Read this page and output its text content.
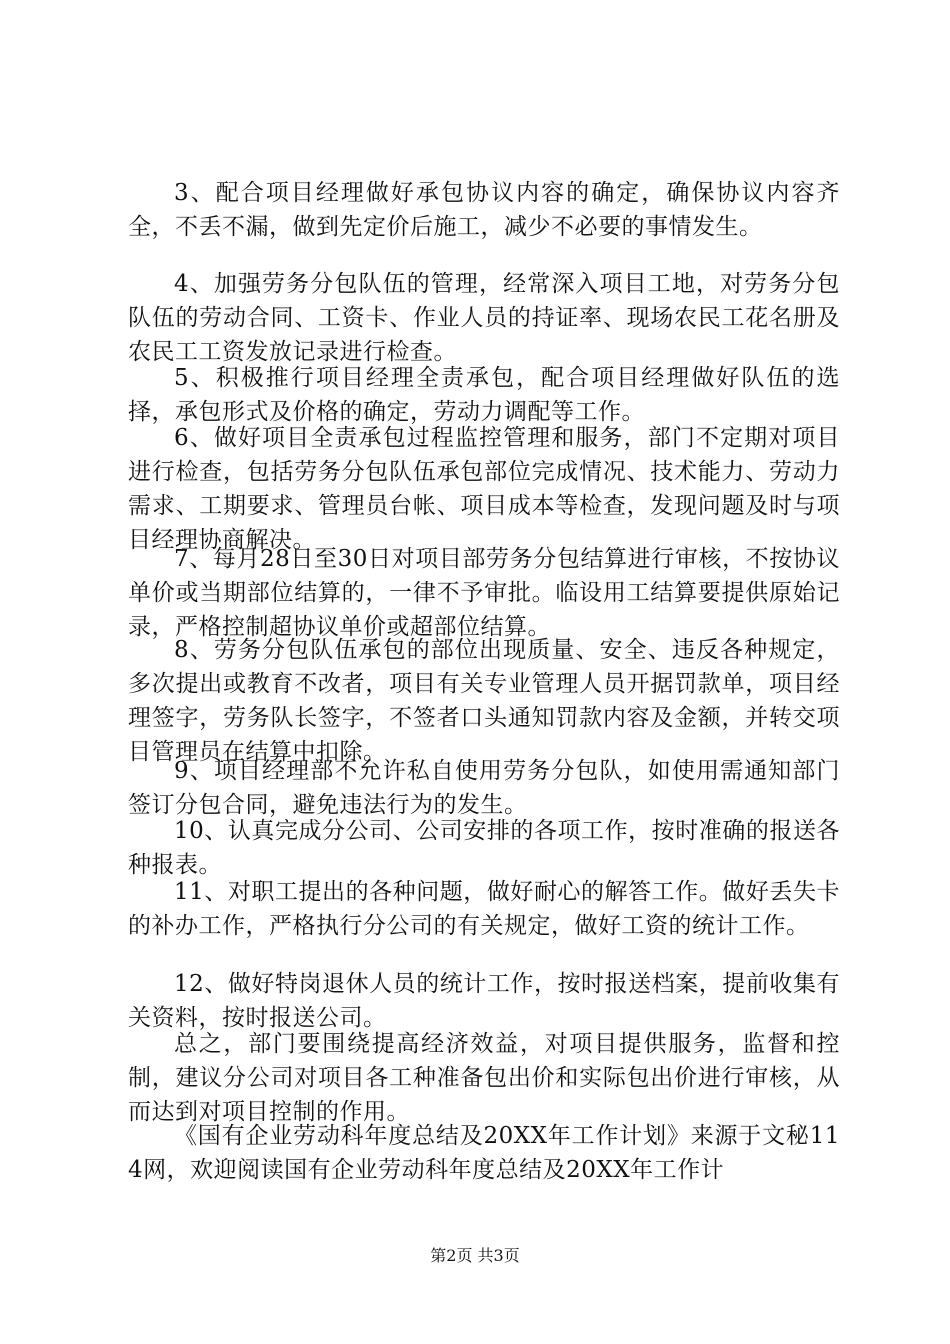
3、配合项目经理做好承包协议内容的确定，确保协议内容齐全，不丢不漏，做到先定价后施工，减少不必要的事情发生。

4、加强劳务分包队伍的管理，经常深入项目工地，对劳务分包队伍的劳动合同、工资卡、作业人员的持证率、现场农民工花名册及农民工工资发放记录进行检查。

5、积极推行项目经理全责承包，配合项目经理做好队伍的选择，承包形式及价格的确定，劳动力调配等工作。

6、做好项目全责承包过程监控管理和服务，部门不定期对项目进行检查，包括劳务分包队伍承包部位完成情况、技术能力、劳动力需求、工期要求、管理员台帐、项目成本等检查，发现问题及时与项目经理协商解决。

7、每月28日至30日对项目部劳务分包结算进行审核，不按协议单价或当期部位结算的，一律不予审批。临设用工结算要提供原始记录，严格控制超协议单价或超部位结算。

8、劳务分包队伍承包的部位出现质量、安全、违反各种规定，多次提出或教育不改者，项目有关专业管理人员开据罚款单，项目经理签字，劳务队长签字，不签者口头通知罚款内容及金额，并转交项目管理员在结算中扣除。

9、项目经理部不允许私自使用劳务分包队，如使用需通知部门签订分包合同，避免违法行为的发生。

10、认真完成分公司、公司安排的各项工作，按时准确的报送各种报表。

11、对职工提出的各种问题，做好耐心的解答工作。做好丢失卡的补办工作，严格执行分公司的有关规定，做好工资的统计工作。

12、做好特岗退休人员的统计工作，按时报送档案，提前收集有关资料，按时报送公司。

总之，部门要围绕提高经济效益，对项目提供服务，监督和控制，建议分公司对项目各工种准备包出价和实际包出价进行审核，从而达到对项目控制的作用。

《国有企业劳动科年度总结及20XX年工作计划》来源于文秘114网，欢迎阅读国有企业劳动科年度总结及20XX年工作计

第2页 共3页
